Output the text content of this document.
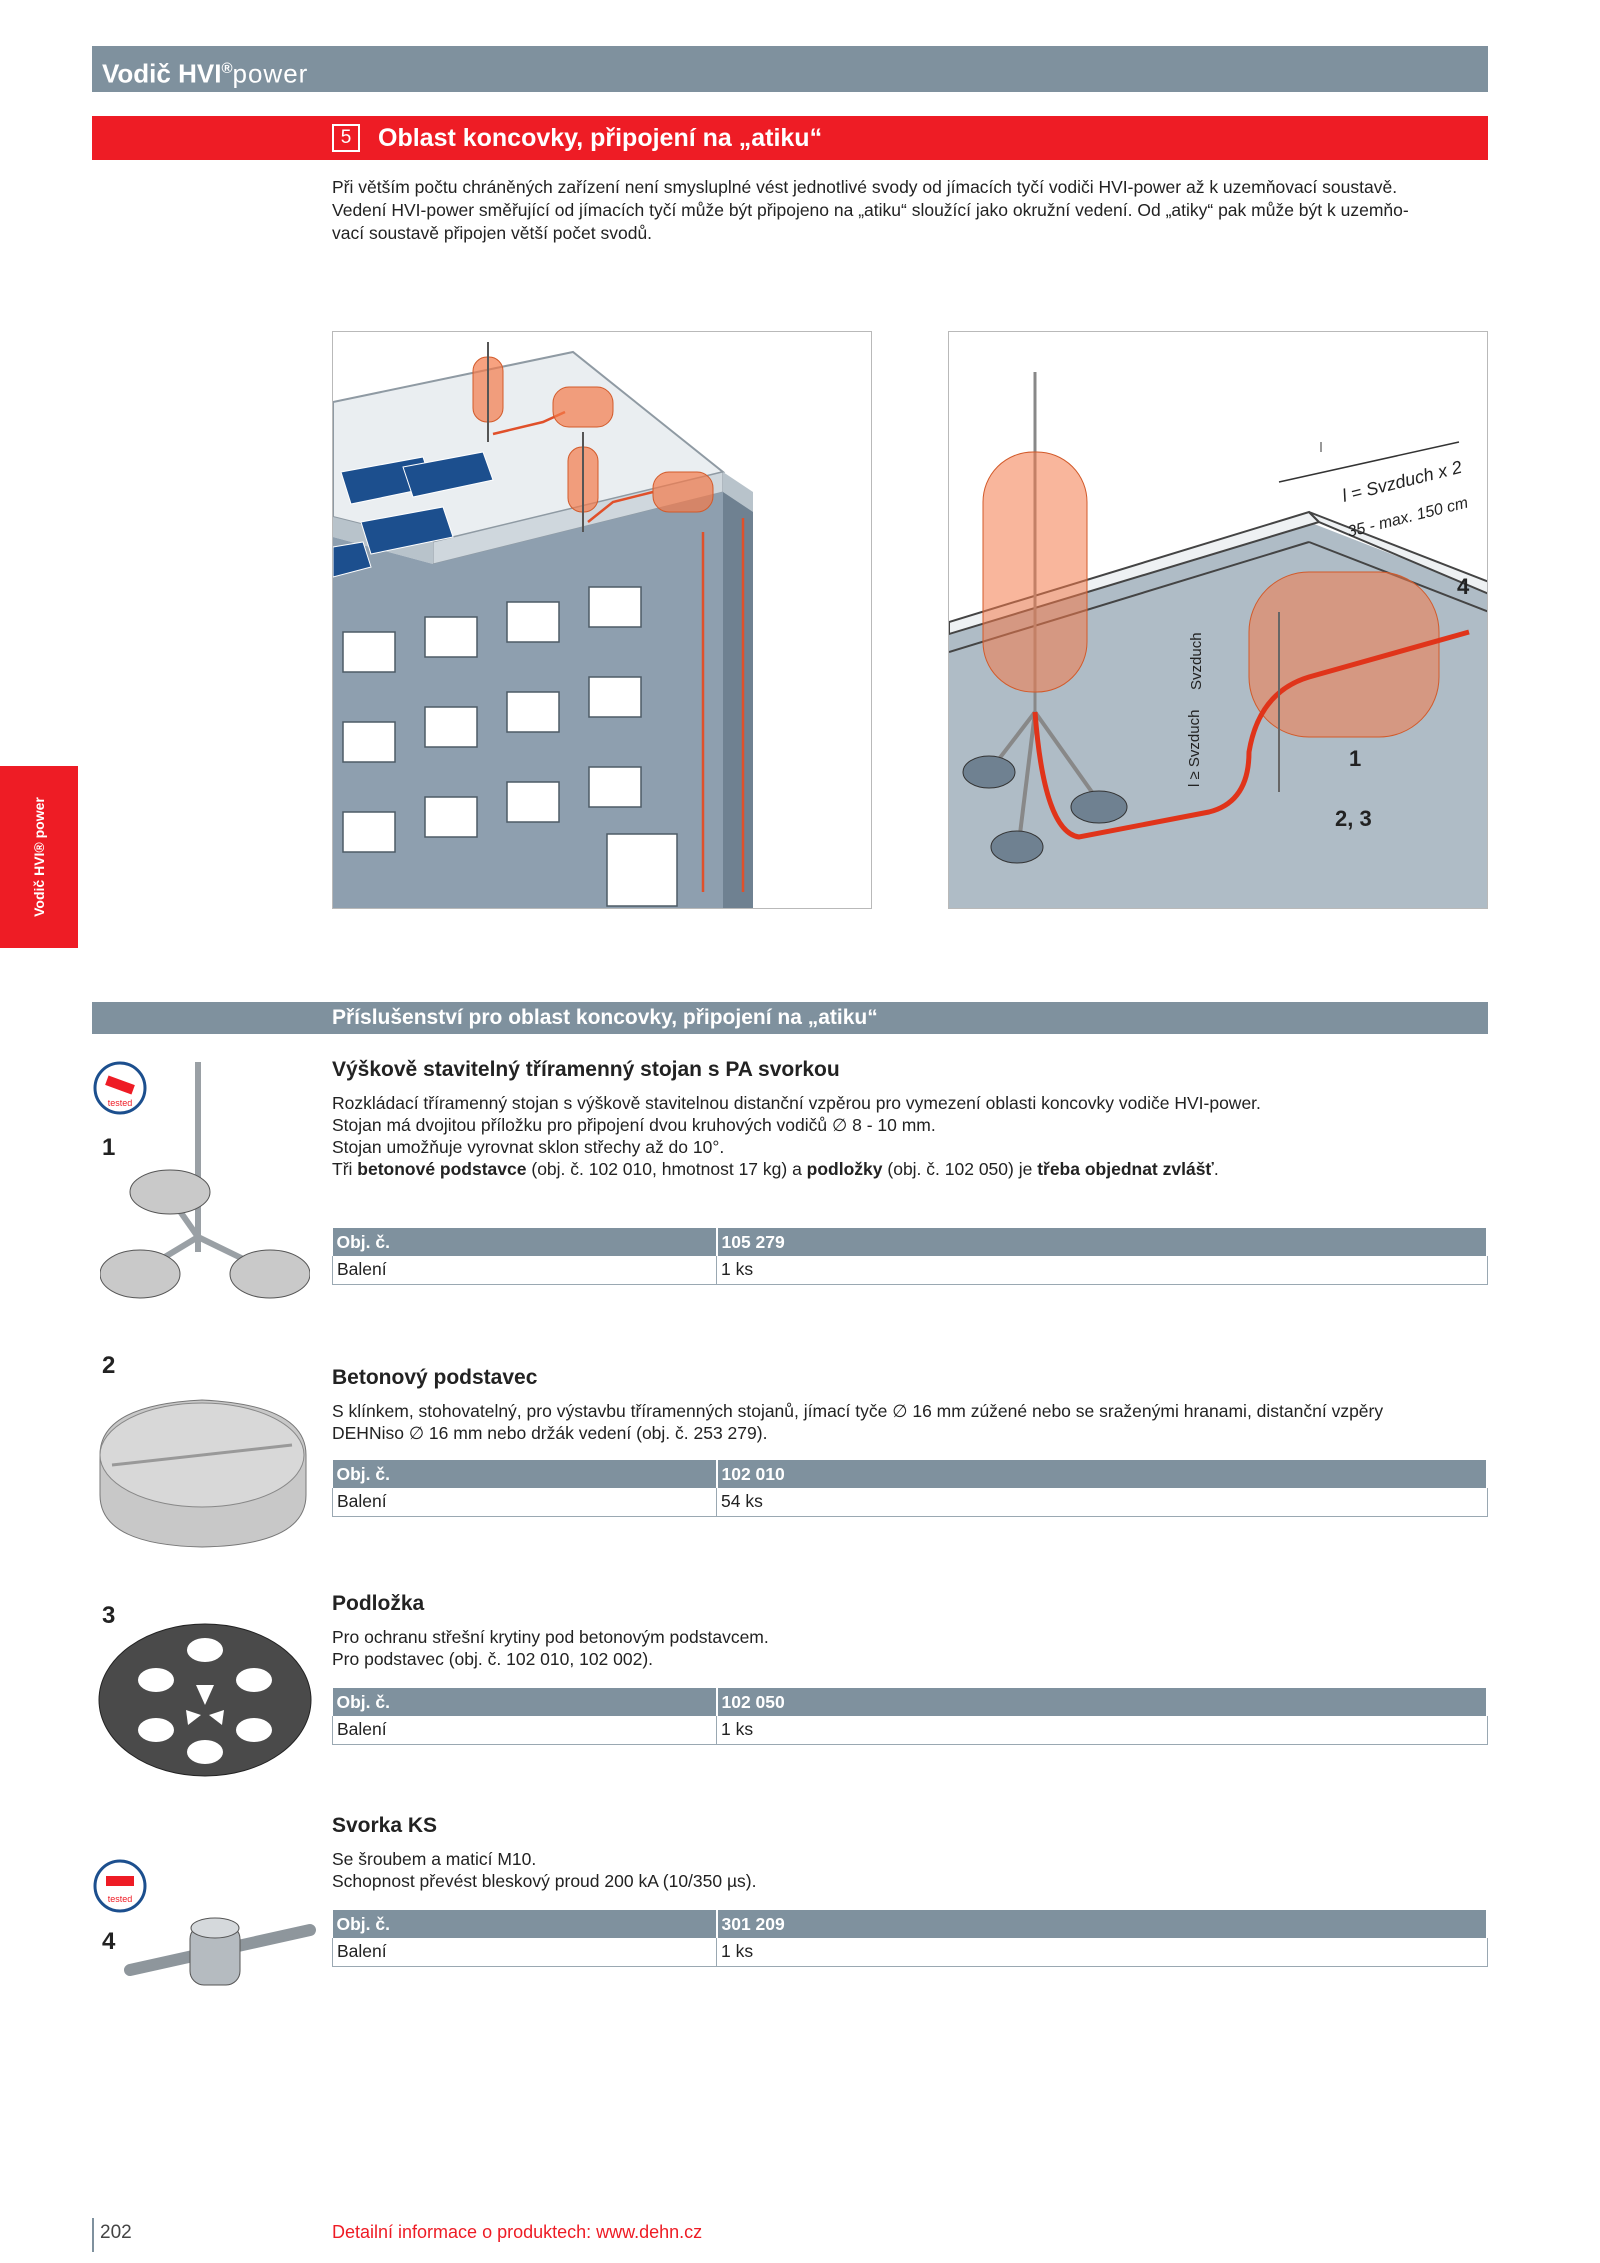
Vodič HVI®power
5	Oblast koncovky, připojení na „atiku“
Při větším počtu chráněných zařízení není smysluplné vést jednotlivé svody od jímacích tyčí vodiči HVI-power až k uzemňovací soustavě.
Vedení HVI-power směřující od jímacích tyčí může být připojeno na „atiku“ sloužící jako okružní vedení. Od „atiky“ pak může být k uzemňo-
vací soustavě připojen větší počet svodů.
l = Svzduch x 2
35 - max. 150 cm
Svzduch
l ≥ Svzduch	1
2, 3
4
Vodič HVI® power
Příslušenství pro oblast koncovky, připojení na „atiku“
1
tested
Výškově stavitelný tříramenný stojan s PA svorkou
Rozkládací tříramenný stojan s výškově stavitelnou distanční vzpěrou pro vymezení oblasti koncovky vodiče HVI-power.
Stojan má dvojitou příložku pro připojení dvou kruhových vodičů ∅ 8 - 10 mm.
Stojan umožňuje vyrovnat sklon střechy až do 10°.
Tři betonové podstavce (obj. č. 102 010, hmotnost 17 kg) a podložky (obj. č. 102 050) je třeba objednat zvlášť.
Obj. č.	105 279
Balení	1 ks
2	Betonový podstavec
S klínkem, stohovatelný, pro výstavbu tříramenných stojanů, jímací tyče ∅ 16 mm zúžené nebo se sraženými hranami, distanční vzpěry
DEHNiso ∅ 16 mm nebo držák vedení (obj. č. 253 279).
Obj. č.	102 010
Balení	54 ks
3	Podložka
Pro ochranu střešní krytiny pod betonovým podstavcem.
Pro podstavec (obj. č. 102 010, 102 002).
Obj. č.	102 050
Balení	1 ks
4
tested
Svorka KS
Se šroubem a maticí M10.
Schopnost převést bleskový proud 200 kA (10/350 µs).
Obj. č.	301 209
Balení	1 ks
202	Detailní informace o produktech: www.dehn.cz
